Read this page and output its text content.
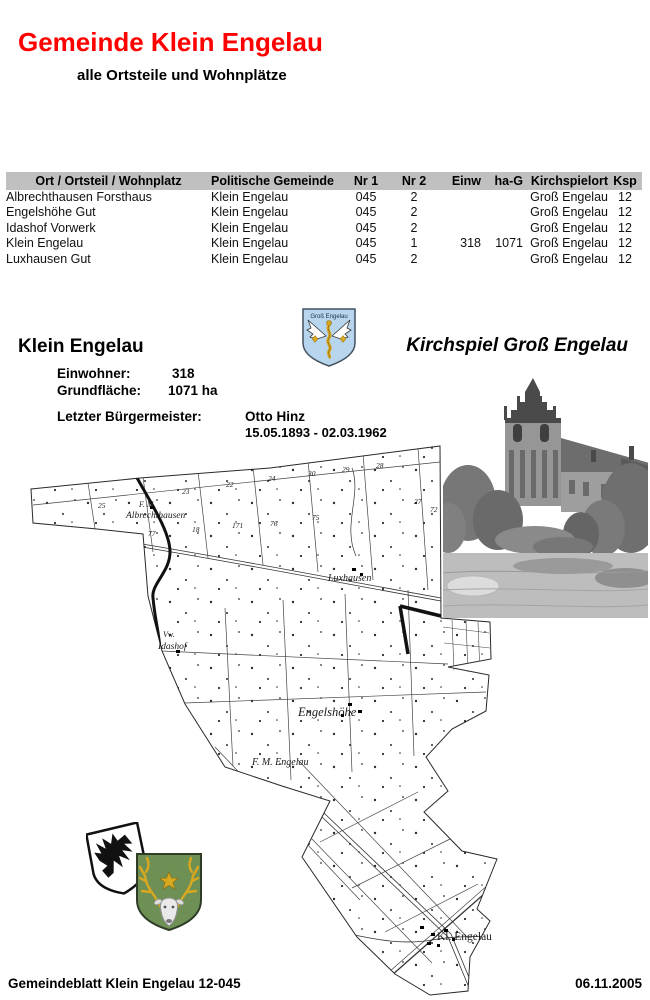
F. M.
Albrechthausen
Luxhausen
Vw.
Idashof
Engelshöhe
F. M. Engelau
Kl. Engelau
25
23
22
24
30	29	28
27
77	18	171
75
76
72
Gemeinde Klein Engelau
alle Ortsteile und Wohnplätze
Ort / Ortsteil / Wohnplatz	Politische Gemeinde	Nr 1	Nr 2	Einw	ha-G	Kirchspielort	Ksp
Albrechthausen Forsthaus	Klein Engelau	045	2			Groß Engelau	12
Engelshöhe Gut	Klein Engelau	045	2			Groß Engelau	12
Idashof Vorwerk	Klein Engelau	045	2			Groß Engelau	12
Klein Engelau	Klein Engelau	045	1	318	1071	Groß Engelau	12
Luxhausen Gut	Klein Engelau	045	2			Groß Engelau	12
Groß Engelau
Klein Engelau	Kirchspiel Groß Engelau
Einwohner:	318
Grundfläche: 1071 ha
Letzter Bürgermeister:	Otto Hinz
15.05.1893 - 02.03.1962
Gemeindeblatt Klein Engelau 12-045	06.11.2005
